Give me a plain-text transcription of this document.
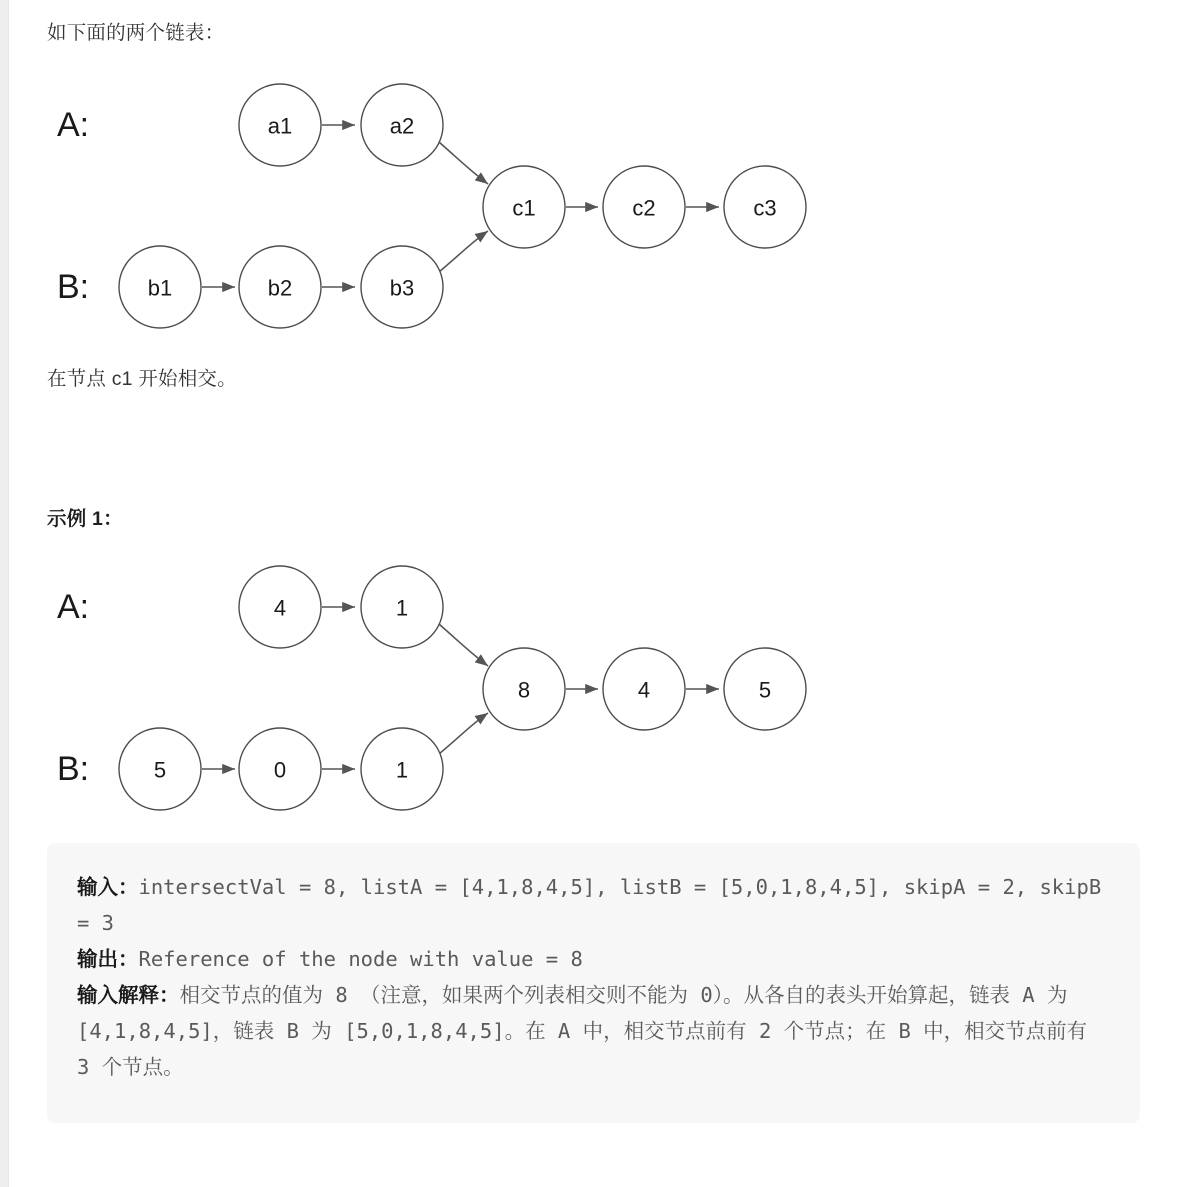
如下面的两个链表：
A:
B:
a1	a2
b1	b2	b3
c1	c2	c3
在节点 c1 开始相交。
示例 1：
A:
B:
4	1
5	0	1
8	4	5
输入：intersectVal = 8, listA = [4,1,8,4,5], listB = [5,0,1,8,4,5], skipA = 2, skipB = 3
输出：Reference of the node with value = 8
输入解释：相交节点的值为 8 （注意，如果两个列表相交则不能为 0）。从各自的表头开始算起，链表 A 为 [4,1,8,4,5]，链表 B 为 [5,0,1,8,4,5]。在 A 中，相交节点前有 2 个节点；在 B 中，相交节点前有 3 个节点。
